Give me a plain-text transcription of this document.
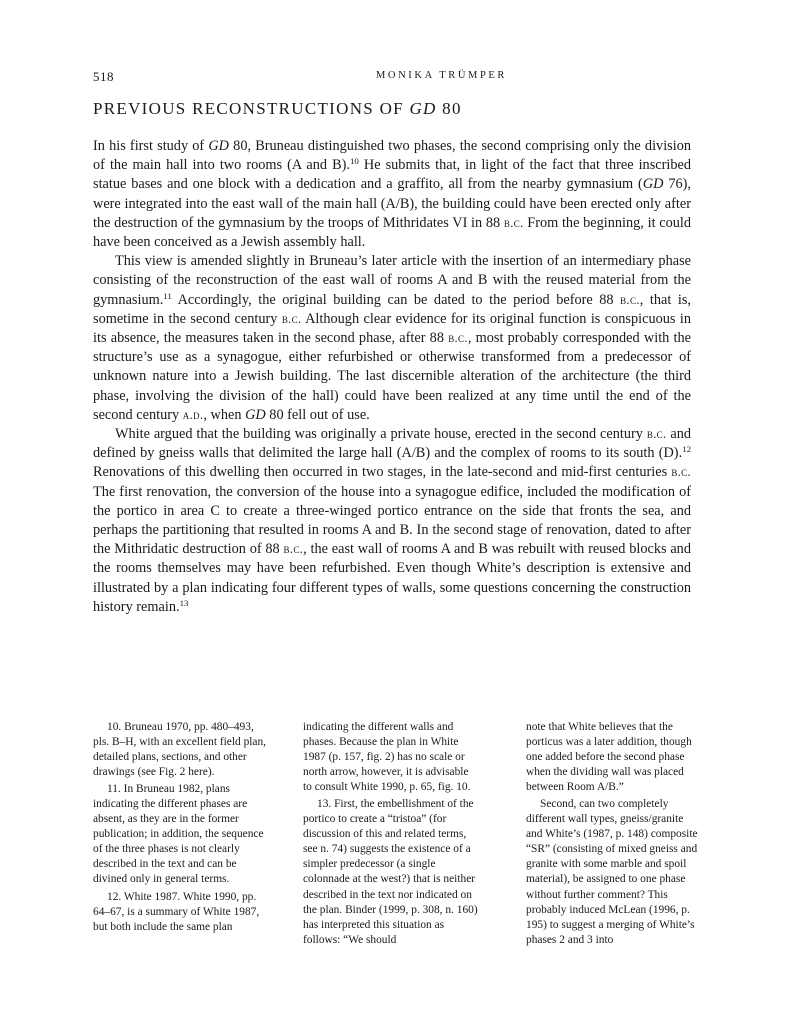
518	MONIKA TRÜMPER
PREVIOUS RECONSTRUCTIONS OF GD 80

In his first study of GD 80, Bruneau distinguished two phases, the second comprising only the division of the main hall into two rooms (A and B).$^{10}$ He submits that, in light of the fact that three inscribed statue bases and one block with a dedication and a graffito, all from the nearby gymnasium (GD 76), were integrated into the east wall of the main hall (A/B), the building could have been erected only after the destruction of the gymnasium by the troops of Mithridates VI in 88 b.c. From the beginning, it could have been conceived as a Jewish assembly hall.

This view is amended slightly in Bruneau’s later article with the insertion of an intermediary phase consisting of the reconstruction of the east wall of rooms A and B with the reused material from the gymnasium.$^{11}$ Accordingly, the original building can be dated to the period before 88 b.c., that is, sometime in the second century b.c. Although clear evidence for its original function is conspicuous in its absence, the measures taken in the second phase, after 88 b.c., most probably corresponded with the structure’s use as a synagogue, either refurbished or otherwise transformed from a predecessor of unknown nature into a Jewish building. The last discernible alteration of the architecture (the third phase, involving the division of the hall) could have been realized at any time until the end of the second century a.d., when GD 80 fell out of use.

White argued that the building was originally a private house, erected in the second century b.c. and defined by gneiss walls that delimited the large hall (A/B) and the complex of rooms to its south (D).$^{12}$ Renovations of this dwelling then occurred in two stages, in the late-second and mid-first centuries b.c. The first renovation, the conversion of the house into a synagogue edifice, included the modification of the portico in area C to create a three-winged portico entrance on the side that fronts the sea, and perhaps the partitioning that resulted in rooms A and B. In the second stage of renovation, dated to after the Mithridatic destruction of 88 b.c., the east wall of rooms A and B was rebuilt with reused blocks and the rooms themselves may have been refurbished. Even though White’s description is extensive and illustrated by a plan indicating four different types of walls, some questions concerning the construction history remain.$^{13}$

10. Bruneau 1970, pp. 480–493, pls. B–H, with an excellent field plan, detailed plans, sections, and other drawings (see Fig. 2 here).

11. In Bruneau 1982, plans indicating the different phases are absent, as they are in the former publication; in addition, the sequence of the three phases is not clearly described in the text and can be divined only in general terms.

12. White 1987. White 1990, pp. 64–67, is a summary of White 1987, but both include the same plan

indicating the different walls and phases. Because the plan in White 1987 (p. 157, fig. 2) has no scale or north arrow, however, it is advisable to consult White 1990, p. 65, fig. 10.

13. First, the embellishment of the portico to create a “tristoa” (for discussion of this and related terms, see n. 74) suggests the existence of a simpler predecessor (a single colonnade at the west?) that is neither described in the text nor indicated on the plan. Binder (1999, p. 308, n. 160) has interpreted this situation as follows: “We should

note that White believes that the porticus was a later addition, though one added before the second phase when the dividing wall was placed between Room A/B.”

Second, can two completely different wall types, gneiss/granite and White’s (1987, p. 148) composite “SR” (consisting of mixed gneiss and granite with some marble and spoil material), be assigned to one phase without further comment? This probably induced McLean (1996, p. 195) to suggest a merging of White’s phases 2 and 3 into
